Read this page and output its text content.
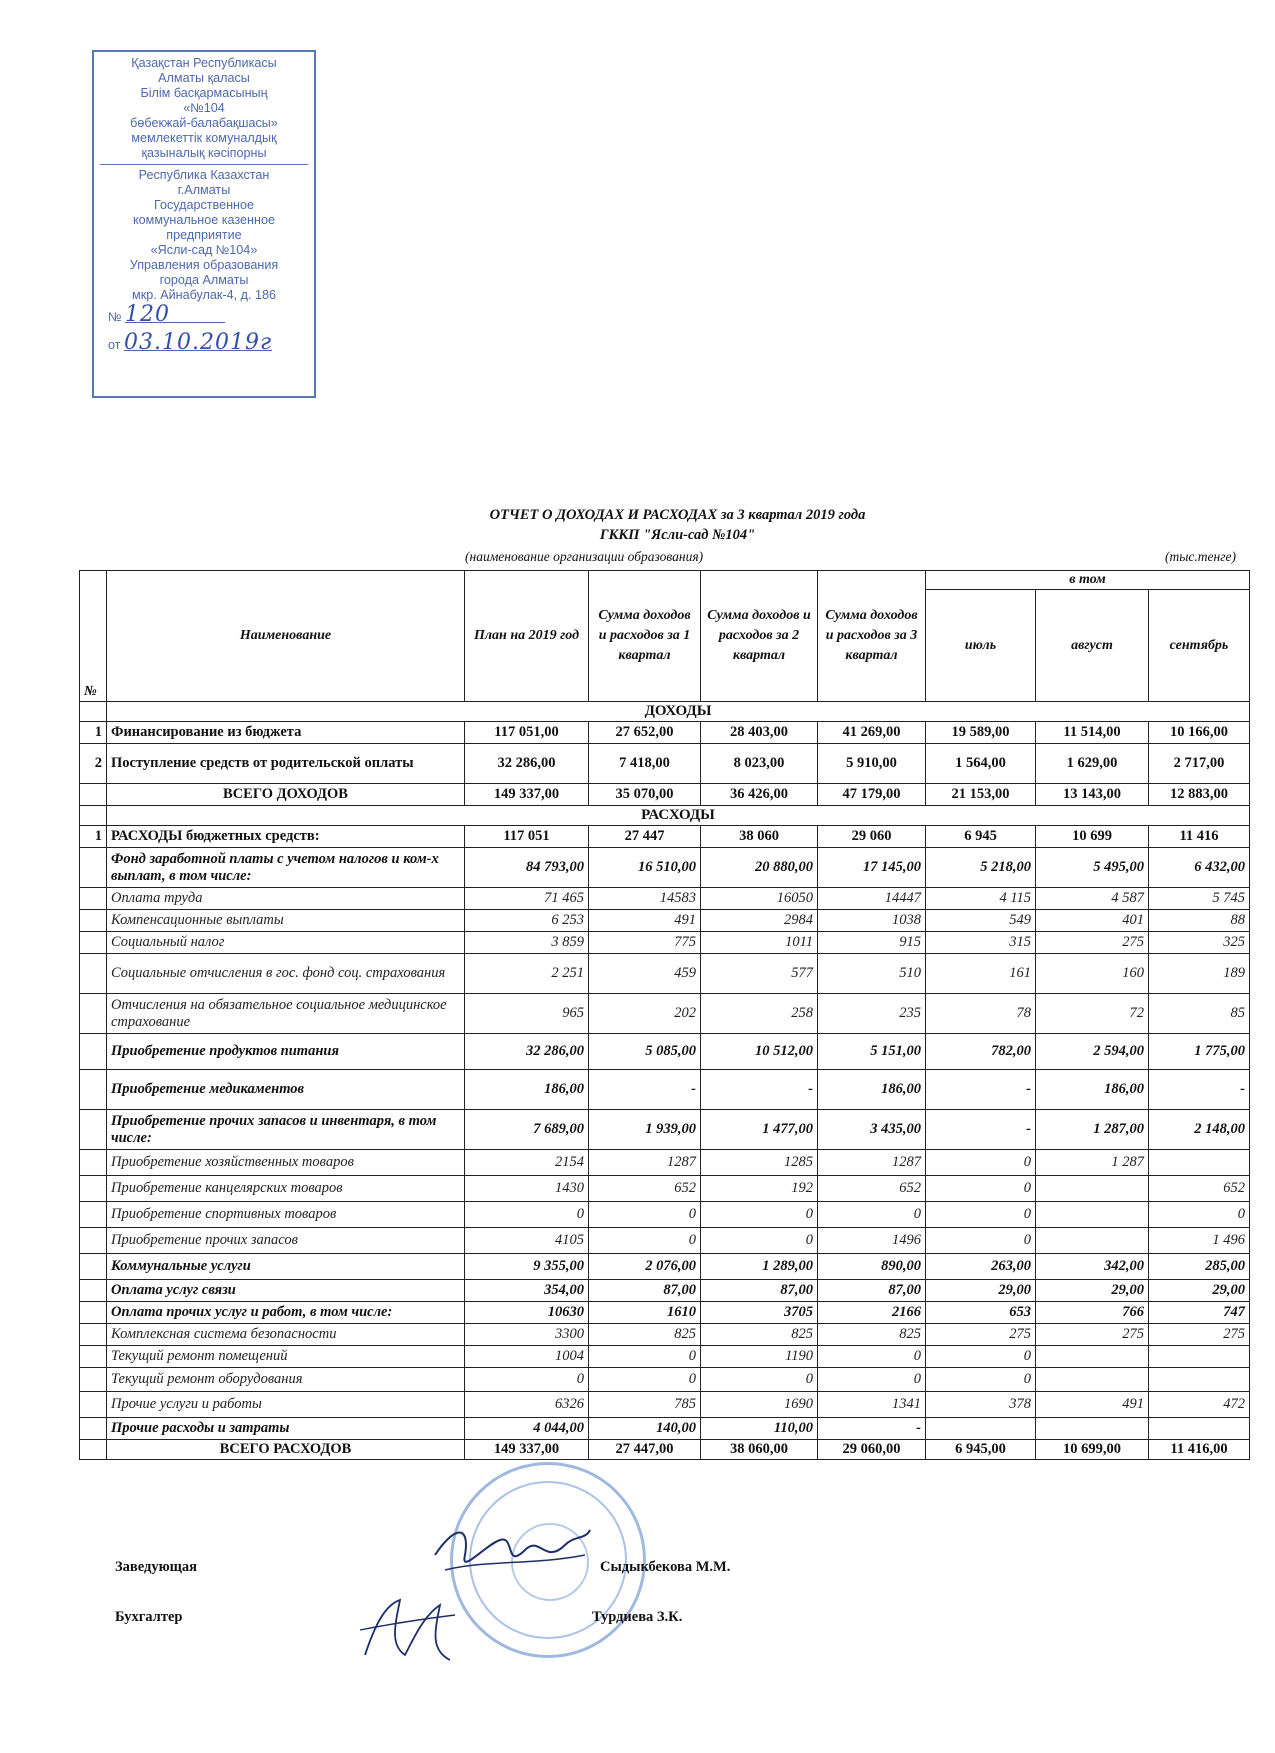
Қазақстан Республикасы
Алматы қаласы
Білім басқармасының
«№104
бөбекжай-балабақшасы»
мемлекеттік комуналдық
қазыналық кәсіпорны
Республика Казахстан
г.Алматы
Государственное
коммунальное казенное
предприятие
«Ясли-сад №104»
Управления образования
города Алматы
мкр. Айнабулак-4, д. 186
№ 120
от 03.10.2019г
ОТЧЕТ О ДОХОДАХ И РАСХОДАХ за 3 квартал 2019 года
ГККП "Ясли-сад №104"
(наименование организации образования)	(тыс.тенге)
№	Наименование	План на 2019 год	Сумма доходов и расходов за 1 квартал	Сумма доходов и расходов за 2 квартал	Сумма доходов и расходов за 3 квартал	в том		
						июль	август	сентябрь
	ДОХОДЫ							
1	Финансирование из бюджета	117 051,00	27 652,00	28 403,00	41 269,00	19 589,00	11 514,00	10 166,00
2	Поступление средств от родительской оплаты	32 286,00	7 418,00	8 023,00	5 910,00	1 564,00	1 629,00	2 717,00
	ВСЕГО ДОХОДОВ	149 337,00	35 070,00	36 426,00	47 179,00	21 153,00	13 143,00	12 883,00
	РАСХОДЫ							
1	РАСХОДЫ бюджетных средств:	117 051	27 447	38 060	29 060	6 945	10 699	11 416
	Фонд заработной платы с учетом налогов и ком-х выплат, в том числе:	84 793,00	16 510,00	20 880,00	17 145,00	5 218,00	5 495,00	6 432,00
	Оплата труда	71 465	14583	16050	14447	4 115	4 587	5 745
	Компенсационные выплаты	6 253	491	2984	1038	549	401	88
	Социальный налог	3 859	775	1011	915	315	275	325
	Социальные отчисления в гос. фонд соц. страхования	2 251	459	577	510	161	160	189
	Отчисления на обязательное социальное медицинское страхование	965	202	258	235	78	72	85
	Приобретение продуктов питания	32 286,00	5 085,00	10 512,00	5 151,00	782,00	2 594,00	1 775,00
	Приобретение медикаментов	186,00	-	-	186,00	-	186,00	-
	Приобретение прочих запасов и инвентаря, в том числе:	7 689,00	1 939,00	1 477,00	3 435,00	-	1 287,00	2 148,00
	Приобретение хозяйственных товаров	2154	1287	1285	1287	0	1 287	
	Приобретение канцелярских товаров	1430	652	192	652	0		652
	Приобретение спортивных товаров	0	0	0	0	0		0
	Приобретение прочих запасов	4105	0	0	1496	0		1 496
	Коммунальные услуги	9 355,00	2 076,00	1 289,00	890,00	263,00	342,00	285,00
	Оплата услуг связи	354,00	87,00	87,00	87,00	29,00	29,00	29,00
	Оплата прочих услуг и работ, в том числе:	10630	1610	3705	2166	653	766	747
	Комплексная система безопасности	3300	825	825	825	275	275	275
	Текущий ремонт помещений	1004	0	1190	0	0		
	Текущий ремонт оборудования	0	0	0	0	0		
	Прочие услуги и работы	6326	785	1690	1341	378	491	472
	Прочие расходы и затраты	4 044,00	140,00	110,00	-			
	ВСЕГО РАСХОДОВ	149 337,00	27 447,00	38 060,00	29 060,00	6 945,00	10 699,00	11 416,00
Заведующая	Сыдыкбекова М.М.
Бухгалтер	Турдиева З.К.
